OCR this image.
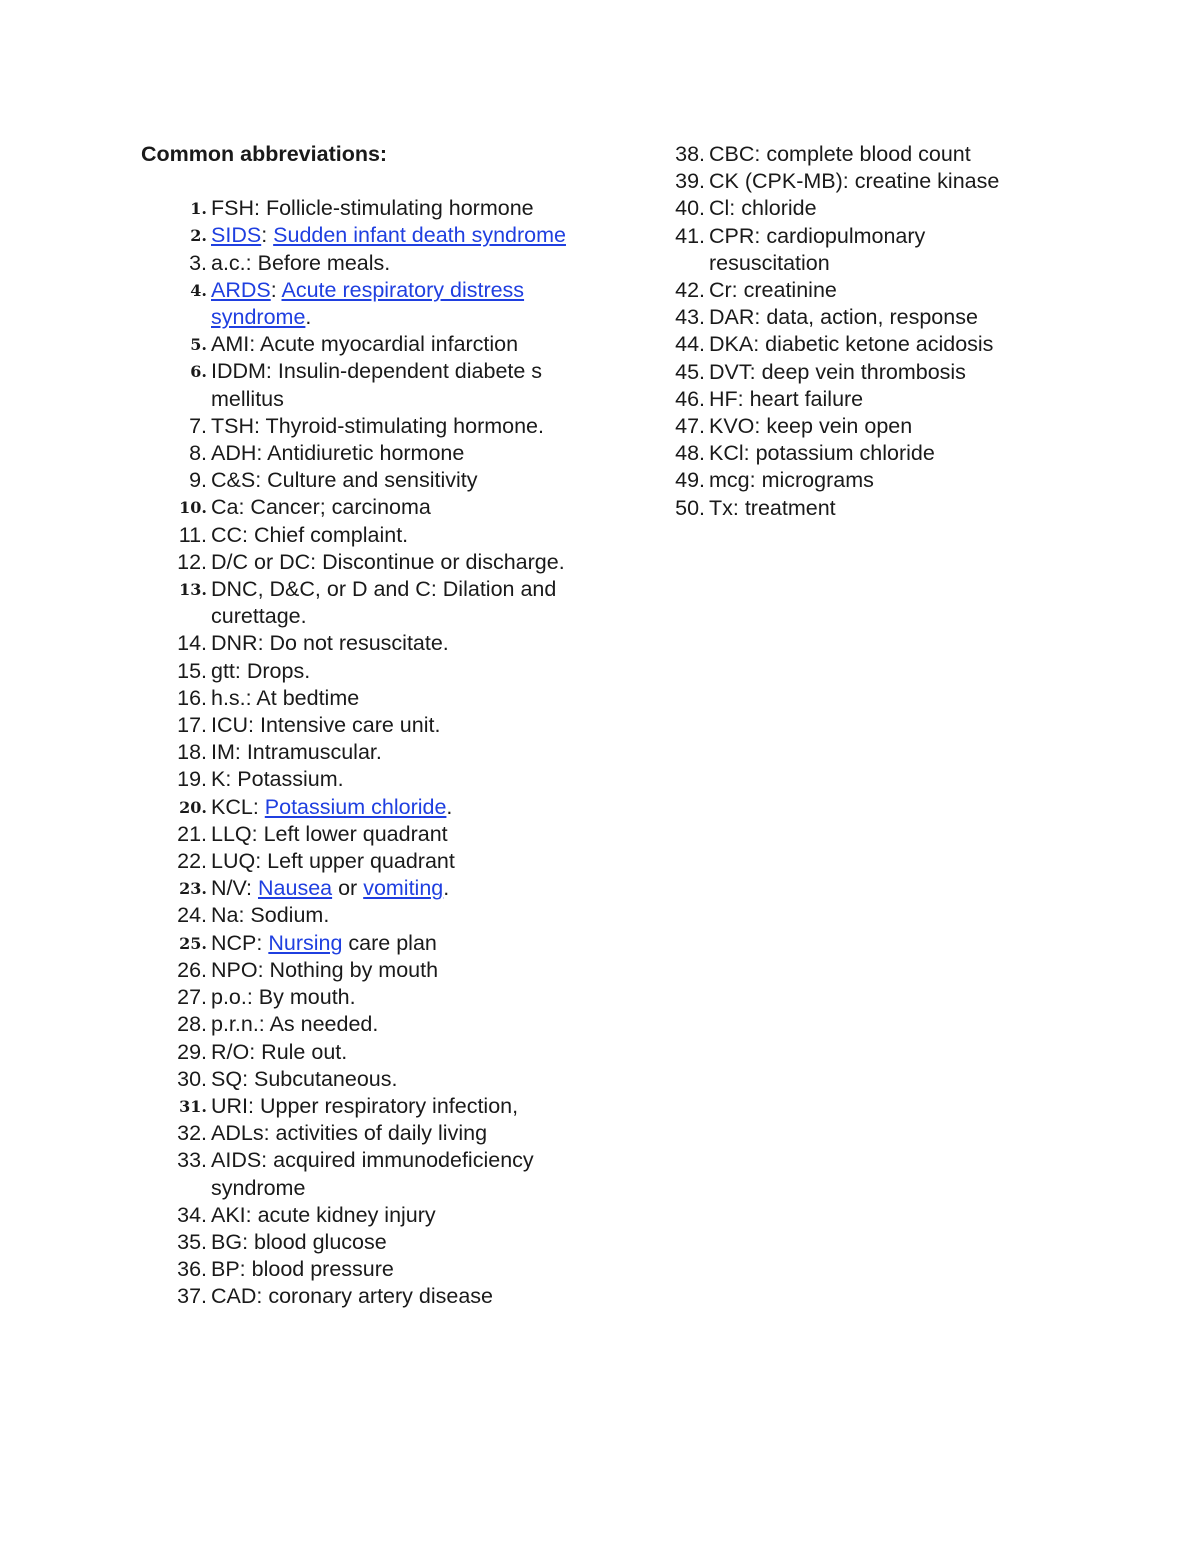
Common abbreviations:
1. FSH: Follicle-stimulating hormone
2. SIDS: Sudden infant death syndrome
3. a.c.: Before meals.
4. ARDS: Acute respiratory distress syndrome.
5. AMI: Acute myocardial infarction
6. IDDM: Insulin-dependent diabete s mellitus
7. TSH: Thyroid-stimulating hormone.
8. ADH: Antidiuretic hormone
9. C&S: Culture and sensitivity
10. Ca: Cancer; carcinoma
11. CC: Chief complaint.
12. D/C or DC: Discontinue or discharge.
13. DNC, D&C, or D and C: Dilation and curettage.
14. DNR: Do not resuscitate.
15. gtt: Drops.
16. h.s.: At bedtime
17. ICU: Intensive care unit.
18. IM: Intramuscular.
19. K: Potassium.
20. KCL: Potassium chloride.
21. LLQ: Left lower quadrant
22. LUQ: Left upper quadrant
23. N/V: Nausea or vomiting.
24. Na: Sodium.
25. NCP: Nursing care plan
26. NPO: Nothing by mouth
27. p.o.: By mouth.
28. p.r.n.: As needed.
29. R/O: Rule out.
30. SQ: Subcutaneous.
31. URI: Upper respiratory infection,
32. ADLs: activities of daily living
33. AIDS: acquired immunodeficiency syndrome
34. AKI: acute kidney injury
35. BG: blood glucose
36. BP: blood pressure
37. CAD: coronary artery disease
38. CBC: complete blood count
39. CK (CPK-MB): creatine kinase
40. Cl: chloride
41. CPR: cardiopulmonary resuscitation
42. Cr: creatinine
43. DAR: data, action, response
44. DKA: diabetic ketone acidosis
45. DVT: deep vein thrombosis
46. HF: heart failure
47. KVO: keep vein open
48. KCl: potassium chloride
49. mcg: micrograms
50. Tx: treatment
